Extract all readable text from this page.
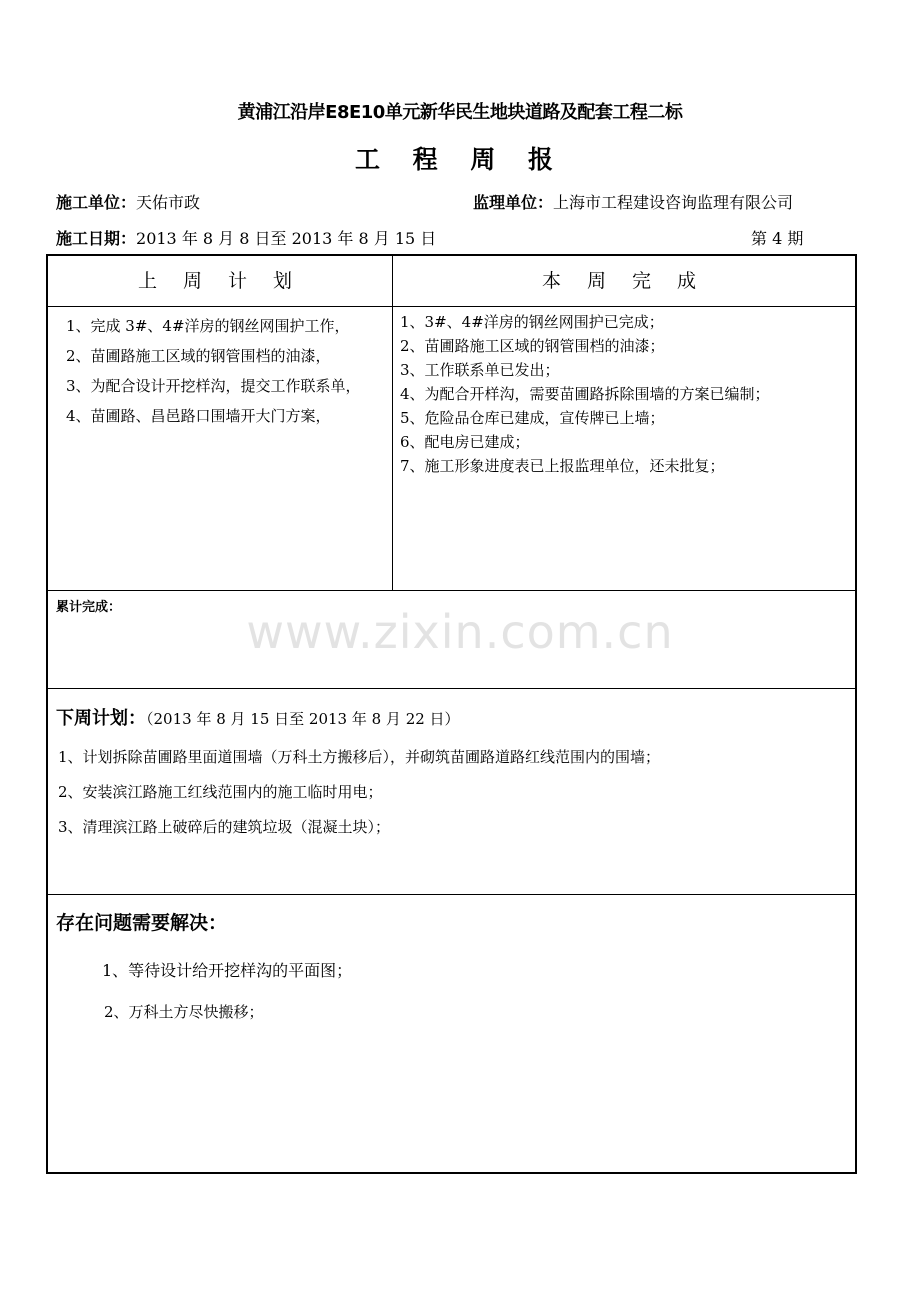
黄浦江沿岸E8E10单元新华民生地块道路及配套工程二标
工 程 周 报
施工单位：天佑市政	监理单位：上海市工程建设咨询监理有限公司
施工日期：2013 年 8 月 8 日至 2013 年 8 月 15 日	第 4 期
上 周 计 划	本 周 完 成
1、完成 3#、4#洋房的钢丝网围护工作，
2、苗圃路施工区域的钢管围档的油漆，
3、为配合设计开挖样沟，提交工作联系单，
4、苗圃路、昌邑路口围墙开大门方案，
1、3#、4#洋房的钢丝网围护已完成；
2、苗圃路施工区域的钢管围档的油漆；
3、工作联系单已发出；
4、为配合开样沟，需要苗圃路拆除围墙的方案已编制；
5、危险品仓库已建成，宣传牌已上墙；
6、配电房已建成；
7、施工形象进度表已上报监理单位，还未批复；
累计完成：
下周计划：（2013 年 8 月 15 日至 2013 年 8 月 22 日）
1、计划拆除苗圃路里面道围墙（万科土方搬移后），并砌筑苗圃路道路红线范围内的围墙；
2、安装滨江路施工红线范围内的施工临时用电；
3、清理滨江路上破碎后的建筑垃圾（混凝土块）；
存在问题需要解决：
1、等待设计给开挖样沟的平面图；
2、万科土方尽快搬移；
www.zixin.com.cn
